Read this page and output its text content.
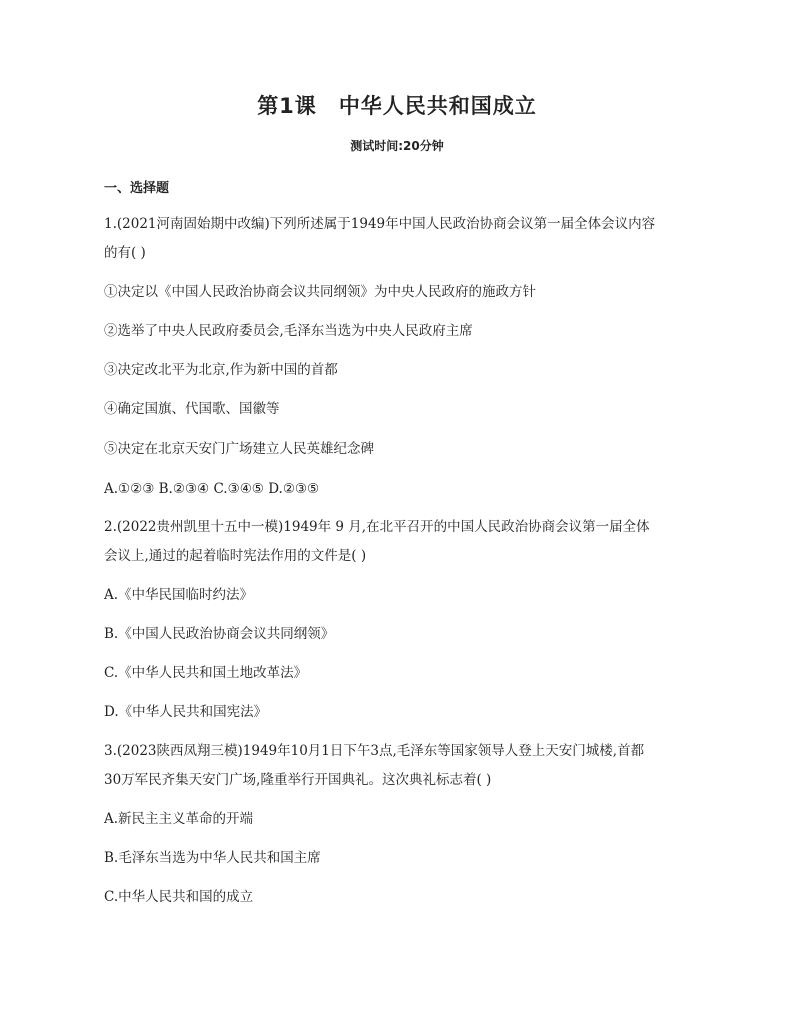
第1课 中华人民共和国成立
测试时间:20分钟
一、选择题
1.(2021河南固始期中改编)下列所述属于1949年中国人民政治协商会议第一届全体会议内容
的有( )
①决定以《中国人民政治协商会议共同纲领》为中央人民政府的施政方针
②选举了中央人民政府委员会,毛泽东当选为中央人民政府主席
③决定改北平为北京,作为新中国的首都
④确定国旗、代国歌、国徽等
⑤决定在北京天安门广场建立人民英雄纪念碑
A.①②③ B.②③④ C.③④⑤ D.②③⑤
2.(2022贵州凯里十五中一模)1949年 9 月,在北平召开的中国人民政治协商会议第一届全体
会议上,通过的起着临时宪法作用的文件是( )
A.《中华民国临时约法》
B.《中国人民政治协商会议共同纲领》
C.《中华人民共和国土地改革法》
D.《中华人民共和国宪法》
3.(2023陕西凤翔三模)1949年10月1日下午3点,毛泽东等国家领导人登上天安门城楼,首都
30万军民齐集天安门广场,隆重举行开国典礼。这次典礼标志着( )
A.新民主主义革命的开端
B.毛泽东当选为中华人民共和国主席
C.中华人民共和国的成立
